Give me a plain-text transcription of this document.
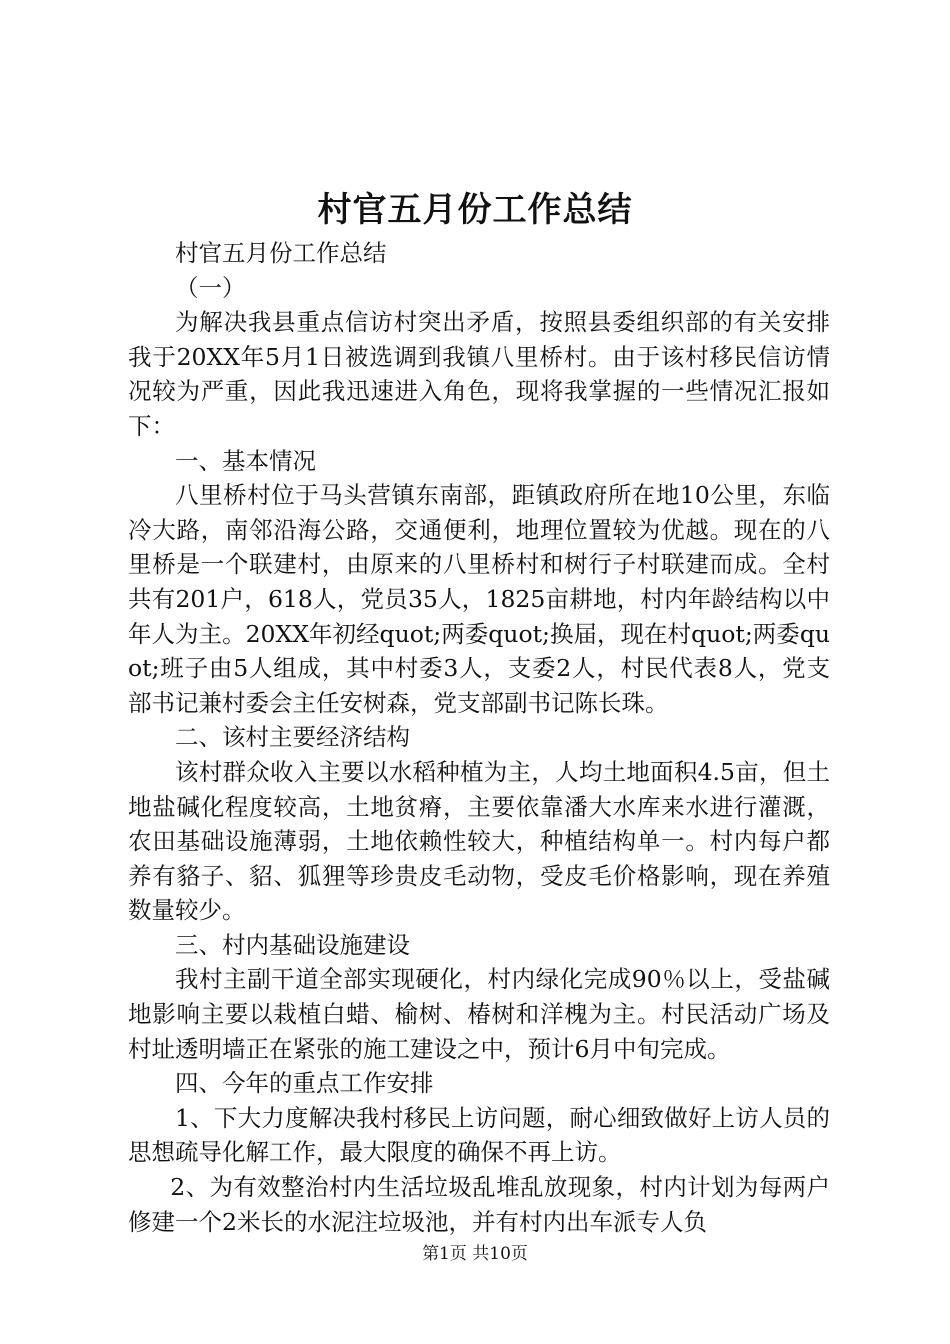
村官五月份工作总结

村官五月份工作总结

（一）

为解决我县重点信访村突出矛盾，按照县委组织部的有关安排我于20XX年5月1日被选调到我镇八里桥村。由于该村移民信访情况较为严重，因此我迅速进入角色，现将我掌握的一些情况汇报如下：

一、基本情况

八里桥村位于马头营镇东南部，距镇政府所在地10公里，东临冷大路，南邻沿海公路，交通便利，地理位置较为优越。现在的八里桥是一个联建村，由原来的八里桥村和树行子村联建而成。全村共有201户，618人，党员35人，1825亩耕地，村内年龄结构以中年人为主。20XX年初经quot;两委quot;换届，现在村quot;两委quot;班子由5人组成，其中村委3人，支委2人，村民代表8人，党支部书记兼村委会主任安树森，党支部副书记陈长珠。

二、该村主要经济结构

该村群众收入主要以水稻种植为主，人均土地面积4.5亩，但土地盐碱化程度较高，土地贫瘠，主要依靠潘大水库来水进行灌溉，农田基础设施薄弱，土地依赖性较大，种植结构单一。村内每户都养有貉子、貂、狐狸等珍贵皮毛动物，受皮毛价格影响，现在养殖数量较少。

三、村内基础设施建设

我村主副干道全部实现硬化，村内绿化完成90％以上，受盐碱地影响主要以栽植白蜡、榆树、椿树和洋槐为主。村民活动广场及村址透明墙正在紧张的施工建设之中，预计6月中旬完成。

四、今年的重点工作安排

1、下大力度解决我村移民上访问题，耐心细致做好上访人员的思想疏导化解工作，最大限度的确保不再上访。

2、为有效整治村内生活垃圾乱堆乱放现象，村内计划为每两户修建一个2米长的水泥注垃圾池，并有村内出车派专人负

第1页 共10页
